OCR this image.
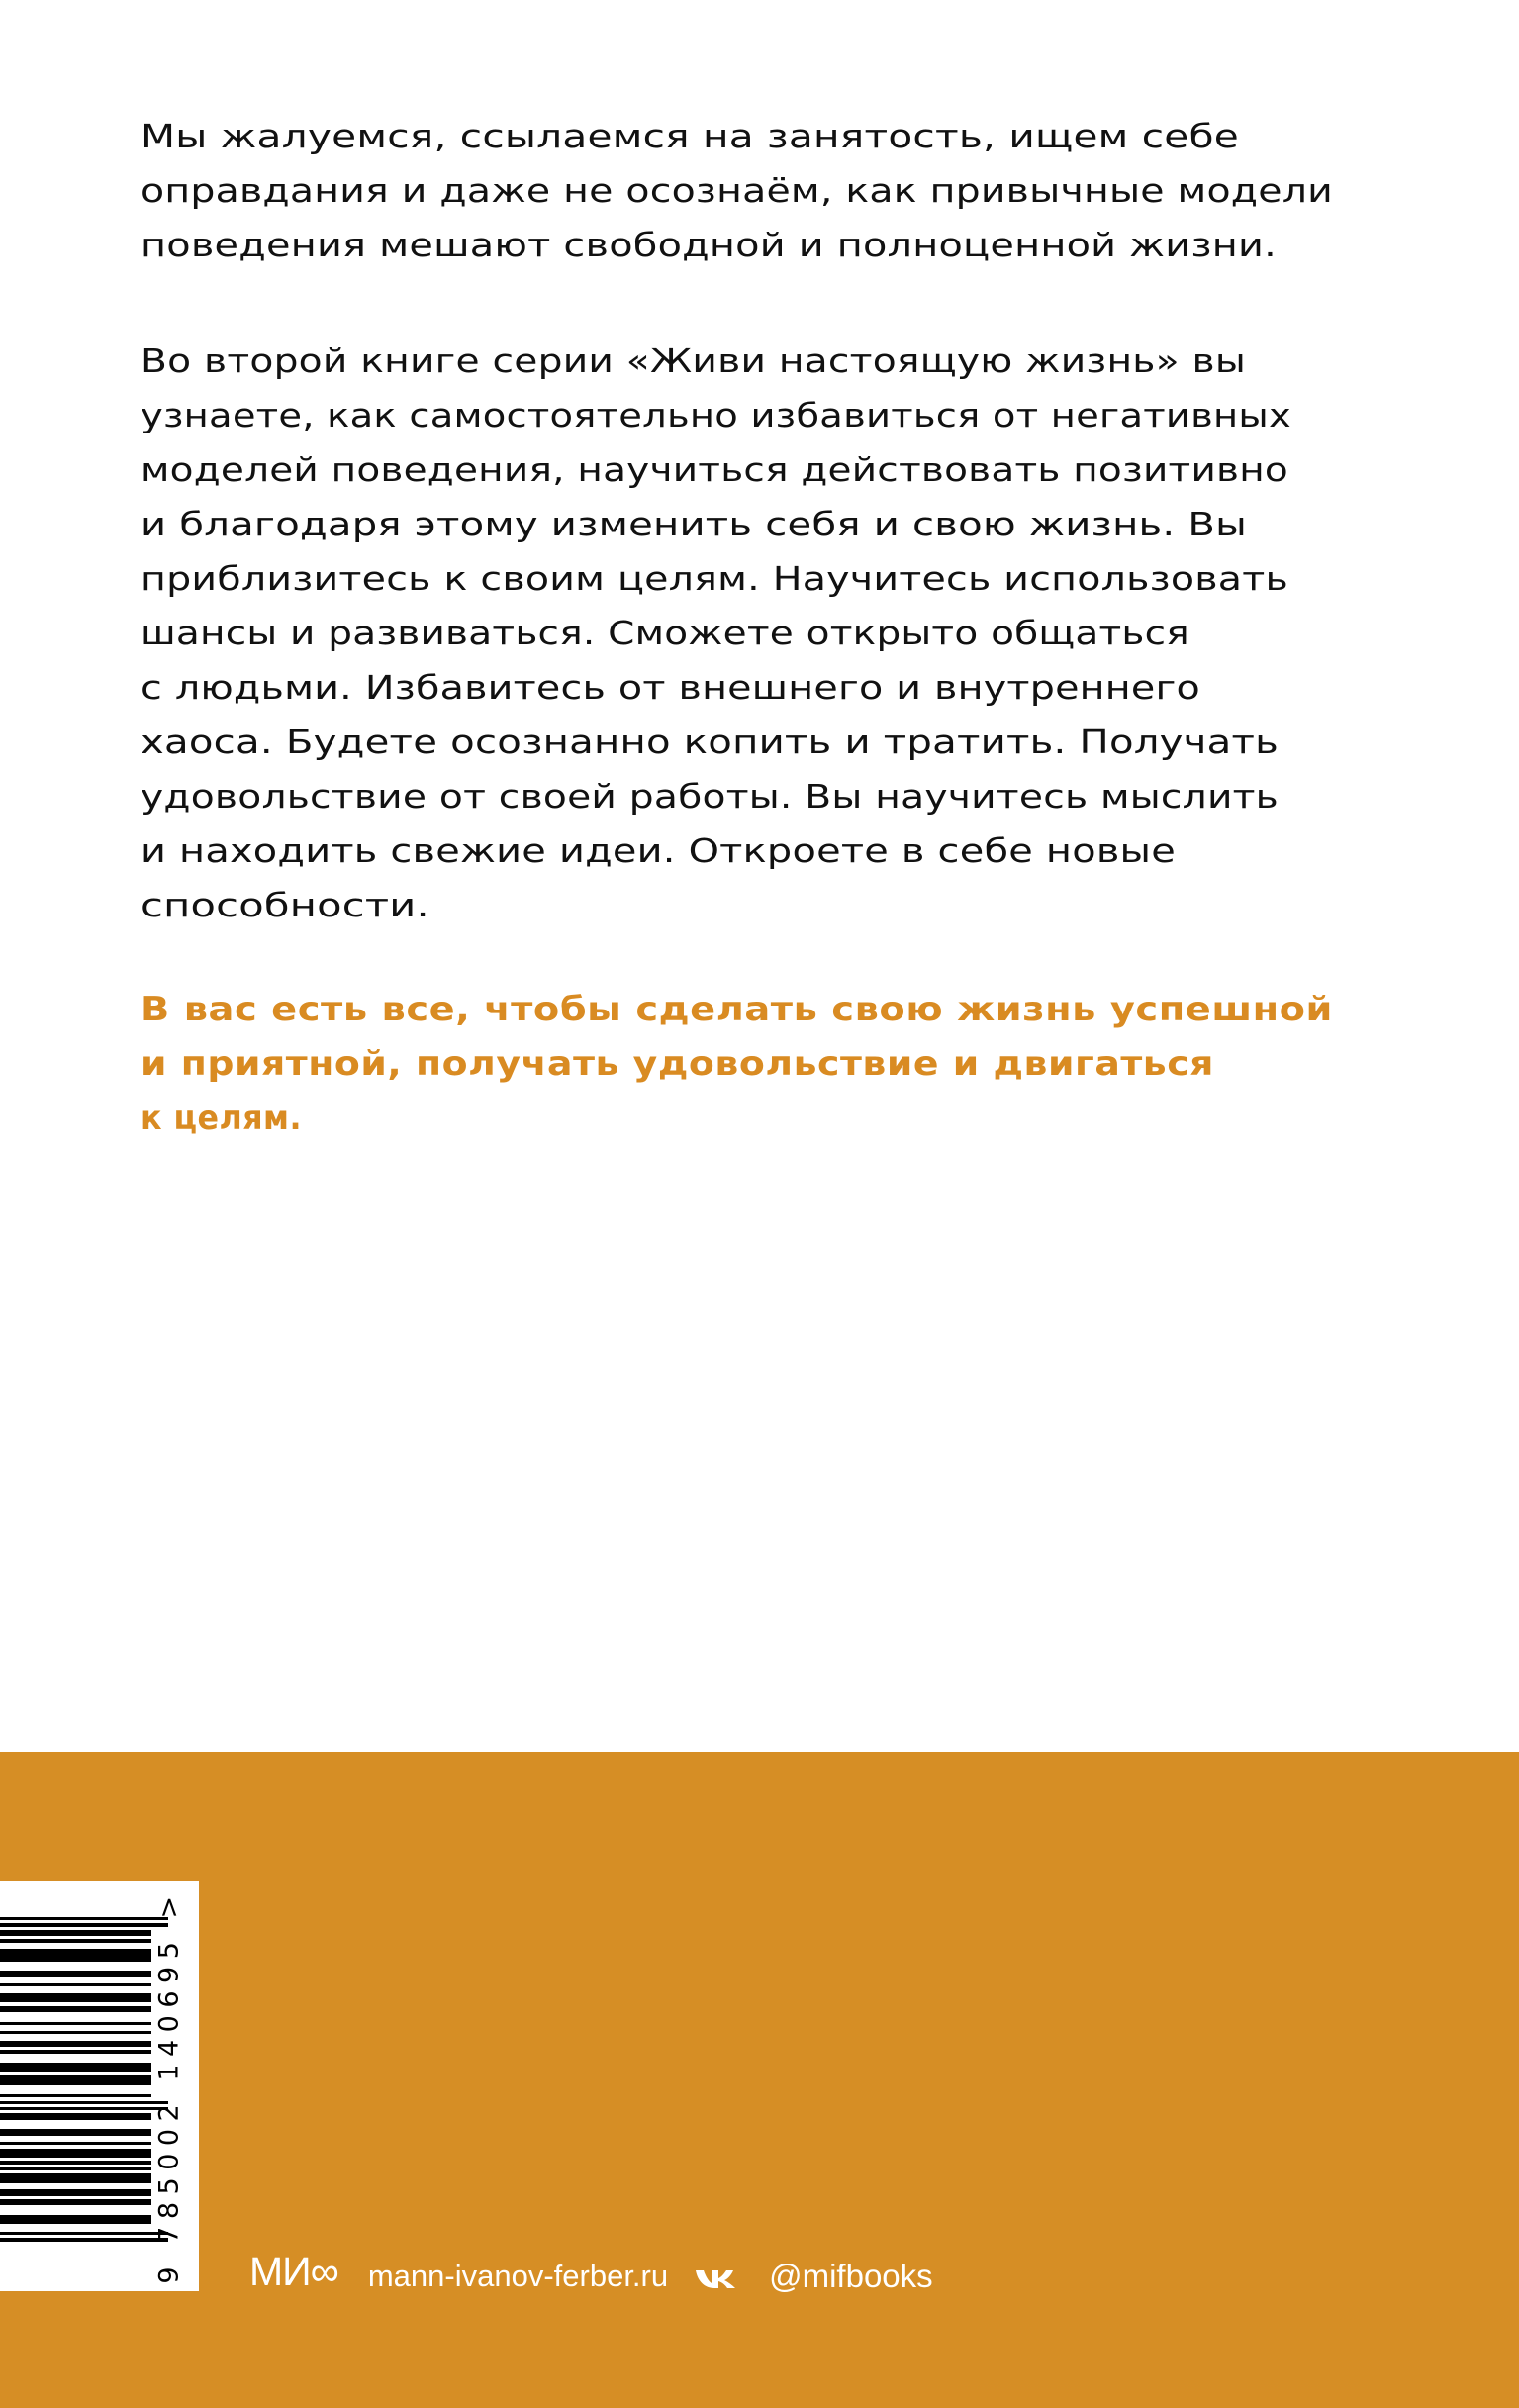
Мы жалуемся, ссылаемся на занятость, ищем себе
оправдания и даже не осознаём, как привычные модели
поведения мешают свободной и полноценной жизни.
Во второй книге серии «Живи настоящую жизнь» вы
узнаете, как самостоятельно избавиться от негативных
моделей поведения, научиться действовать позитивно
и благодаря этому изменить себя и свою жизнь. Вы
приблизитесь к своим целям. Научитесь использовать
шансы и развиваться. Сможете открыто общаться
с людьми. Избавитесь от внешнего и внутреннего
хаоса. Будете осознанно копить и тратить. Получать
удовольствие от своей работы. Вы научитесь мыслить
и находить свежие идеи. Откроете в себе новые
способности.
В вас есть все, чтобы сделать свою жизнь успешной
и приятной, получать удовольствие и двигаться
к целям.
9 785002 140695 > МИ∞ mann-ivanov-ferber.ru	@mifbooks
